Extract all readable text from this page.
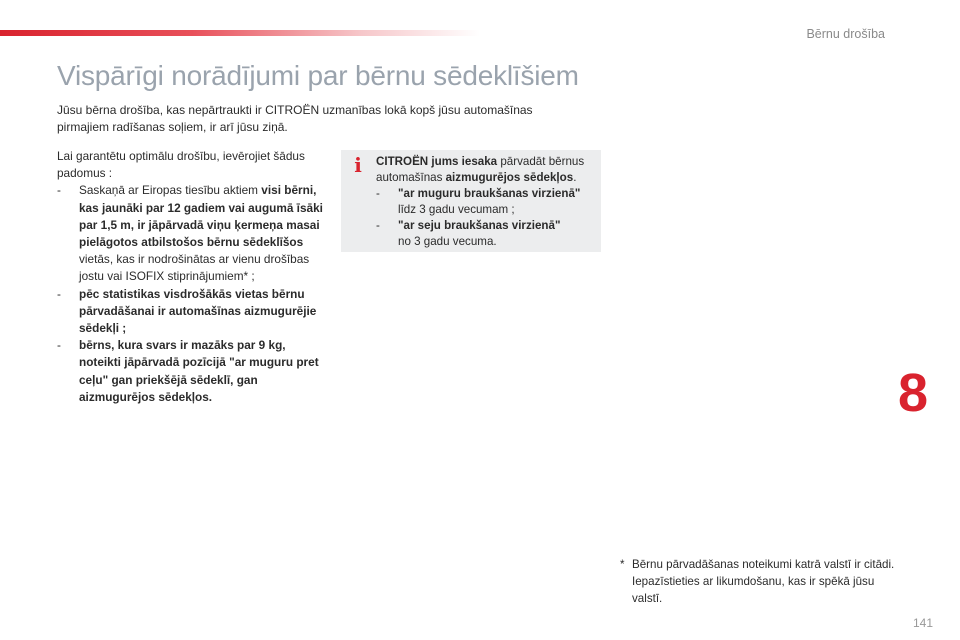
Bērnu drošība
Vispārīgi norādījumi par bērnu sēdeklīšiem

Jūsu bērna drošība, kas nepārtraukti ir CITROËN uzmanības lokā kopš jūsu automašīnas pirmajiem radīšanas soļiem, ir arī jūsu ziņā.

Lai garantētu optimālu drošību, ievērojiet šādus padomus :

- Saskaņā ar Eiropas tiesību aktiem visi bērni, kas jaunāki par 12 gadiem vai augumā īsāki par 1,5 m, ir jāpārvadā viņu ķermeņa masai pielāgotos atbilstošos bērnu sēdeklīšos vietās, kas ir nodrošinātas ar vienu drošības jostu vai ISOFIX stiprinājumiem* ;
- pēc statistikas visdrošākās vietas bērnu pārvadāšanai ir automašīnas aizmugurējie sēdekļi ;
- bērns, kura svars ir mazāks par 9 kg, noteikti jāpārvadā pozīcijā "ar muguru pret ceļu" gan priekšējā sēdeklī, gan aizmugurējos sēdekļos.
i CITROËN jums iesaka pārvadāt bērnus automašīnas aizmugurējos sēdekļos.

- "ar muguru braukšanas virzienā"
līdz 3 gadu vecumam ;
- "ar seju braukšanas virzienā"
no 3 gadu vecuma.
8
* Bērnu pārvadāšanas noteikumi katrā valstī ir citādi. Iepazīstieties ar likumdošanu, kas ir spēkā jūsu valstī.
141
